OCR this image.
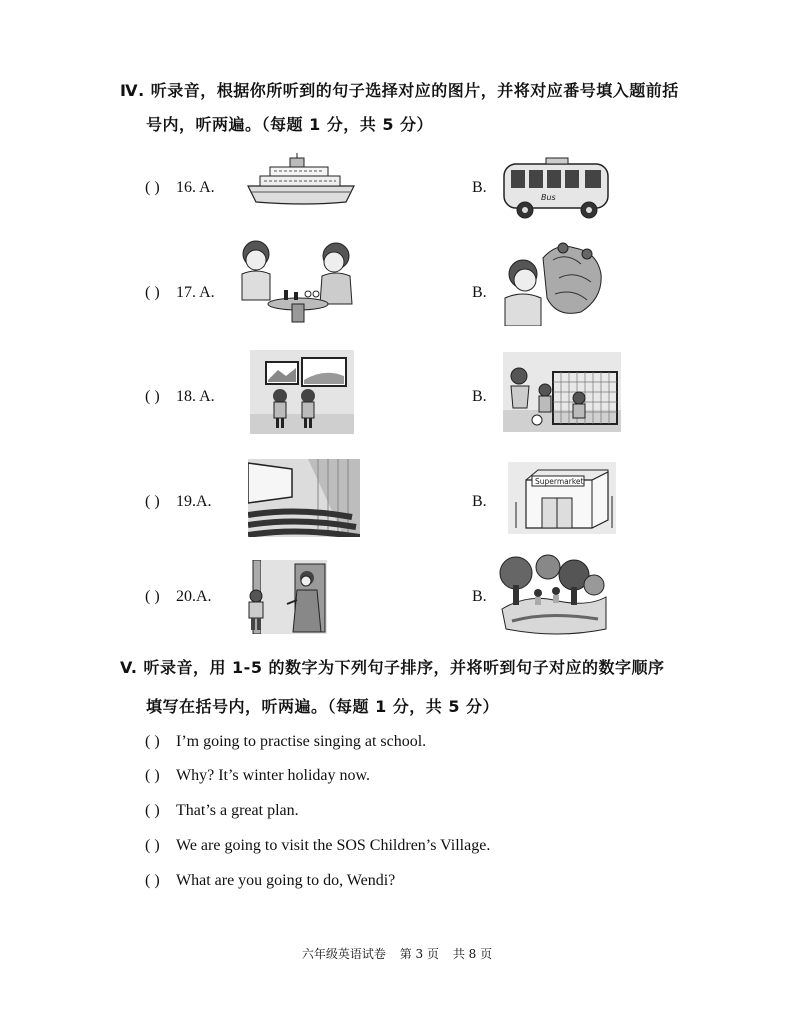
Ⅳ. 听录音，根据你所听到的句子选择对应的图片，并将对应番号填入题前括
号内，听两遍。（每题 1 分，共 5 分）
( ) 16. A.	B.
Bus
( ) 17. A.	B.
( ) 18. A.	B.
( ) 19.A.	B.
Supermarket
( ) 20.A.	B.
V. 听录音，用 1-5 的数字为下列句子排序，并将听到句子对应的数字顺序
填写在括号内，听两遍。（每题 1 分，共 5 分）
( ) I’m going to practise singing at school.
( ) Why? It’s winter holiday now.
( ) That’s a great plan.
( ) We are going to visit the SOS Children’s Village.
( ) What are you going to do, Wendi?
六年级英语试卷 第 3 页 共 8 页
